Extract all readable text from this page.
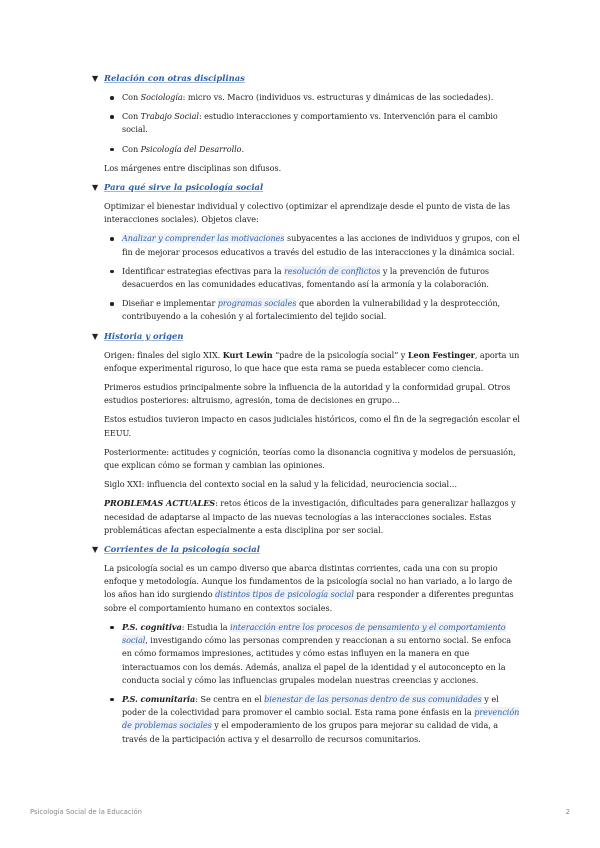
▼ Relación con otras disciplinas
Con Sociología: micro vs. Macro (individuos vs. estructuras y dinámicas de las sociedades).
Con Trabajo Social: estudio interacciones y comportamiento vs. Intervención para el cambio social.
Con Psicología del Desarrollo.

Los márgenes entre disciplinas son difusos.

▼ Para qué sirve la psicología social

Optimizar el bienestar individual y colectivo (optimizar el aprendizaje desde el punto de vista de las interacciones sociales). Objetos clave:

Analizar y comprender las motivaciones subyacentes a las acciones de individuos y grupos, con el fin de mejorar procesos educativos a través del estudio de las interacciones y la dinámica social.
Identificar estrategias efectivas para la resolución de conflictos y la prevención de futuros desacuerdos en las comunidades educativas, fomentando así la armonía y la colaboración.
Diseñar e implementar programas sociales que aborden la vulnerabilidad y la desprotección, contribuyendo a la cohesión y al fortalecimiento del tejido social.
▼ Historia y origen

Origen: finales del siglo XIX. Kurt Lewin “padre de la psicología social” y Leon Festinger, aporta un enfoque experimental riguroso, lo que hace que esta rama se pueda establecer como ciencia.

Primeros estudios principalmente sobre la influencia de la autoridad y la conformidad grupal. Otros estudios posteriores: altruismo, agresión, toma de decisiones en grupo…

Estos estudios tuvieron impacto en casos judiciales históricos, como el fin de la segregación escolar el EEUU.

Posteriormente: actitudes y cognición, teorías como la disonancia cognitiva y modelos de persuasión, que explican cómo se forman y cambian las opiniones.

Siglo XXI: influencia del contexto social en la salud y la felicidad, neurociencia social…

PROBLEMAS ACTUALES: retos éticos de la investigación, dificultades para generalizar hallazgos y necesidad de adaptarse al impacto de las nuevas tecnologías a las interacciones sociales. Estas problemáticas afectan especialmente a esta disciplina por ser social.

▼ Corrientes de la psicología social

La psicología social es un campo diverso que abarca distintas corrientes, cada una con su propio enfoque y metodología. Aunque los fundamentos de la psicología social no han variado, a lo largo de los años han ido surgiendo distintos tipos de psicología social para responder a diferentes preguntas sobre el comportamiento humano en contextos sociales.

P.S. cognitiva: Estudia la interacción entre los procesos de pensamiento y el comportamiento social, investigando cómo las personas comprenden y reaccionan a su entorno social. Se enfoca en cómo formamos impresiones, actitudes y cómo estas influyen en la manera en que interactuamos con los demás. Además, analiza el papel de la identidad y el autoconcepto en la conducta social y cómo las influencias grupales modelan nuestras creencias y acciones.
P.S. comunitaria: Se centra en el bienestar de las personas dentro de sus comunidades y el poder de la colectividad para promover el cambio social. Esta rama pone énfasis en la prevención de problemas sociales y el empoderamiento de los grupos para mejorar su calidad de vida, a través de la participación activa y el desarrollo de recursos comunitarios.
Psicología Social de la Educación	2
